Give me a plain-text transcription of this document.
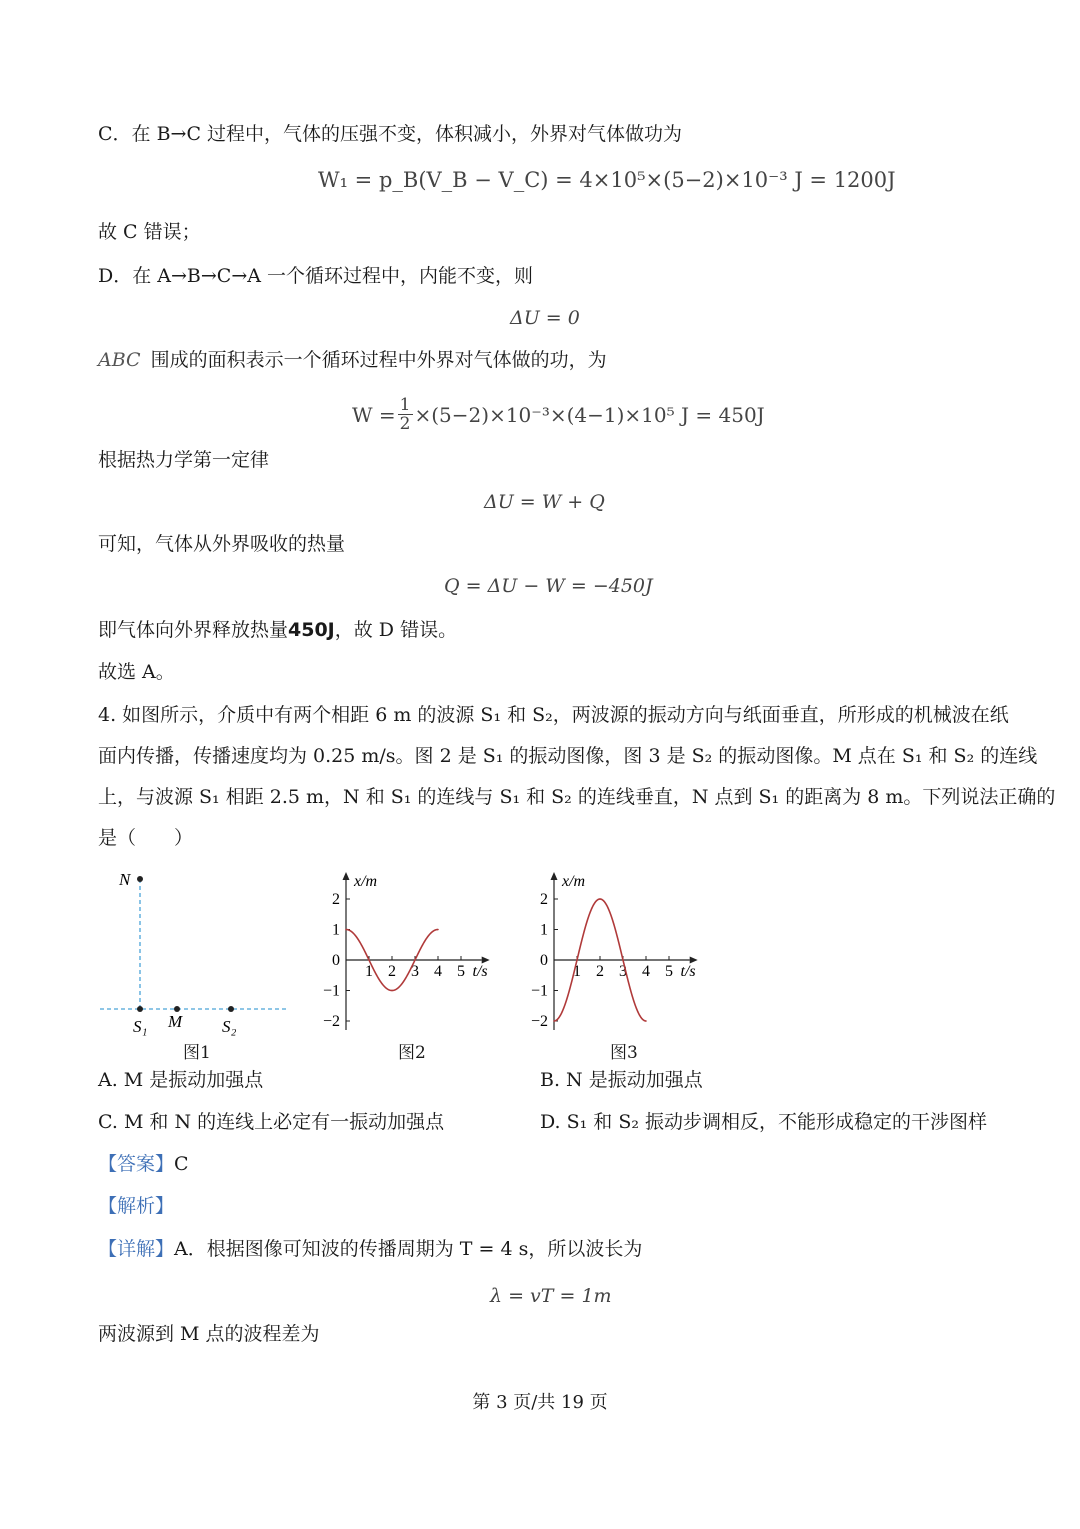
C．在 B→C 过程中，气体的压强不变，体积减小，外界对气体做功为
W₁ = p_B(V_B − V_C) = 4×10⁵×(5−2)×10⁻³ J = 1200J
故 C 错误；
D．在 A→B→C→A 一个循环过程中，内能不变，则
ΔU = 0
ABC 围成的面积表示一个循环过程中外界对气体做的功，为
$W = \frac{1}{2} \times(5-2)\times 10^{-3}\times(4-1)\times 10^5$ J = 450J
根据热力学第一定律
ΔU = W + Q
可知，气体从外界吸收的热量
Q = ΔU − W = −450J
即气体向外界释放热量450J，故 D 错误。
故选 A。
4. 如图所示，介质中有两个相距 6 m 的波源 S₁ 和 S₂，两波源的振动方向与纸面垂直，所形成的机械波在纸
面内传播，传播速度均为 0.25 m/s。图 2 是 S₁ 的振动图像，图 3 是 S₂ 的振动图像。M 点在 S₁ 和 S₂ 的连线
上，与波源 S₁ 相距 2.5 m，N 和 S₁ 的连线与 S₁ 和 S₂ 的连线垂直，N 点到 S₁ 的距离为 8 m。下列说法正确的
是（　　）
N
S₁ M S₂
图1
x/m
t/s
2
1
0
−1
−2
1 2 3 4 5
图2
x/m
t/s
2
1
0
−1
−2
1 2 3 4 5
图3
A. M 是振动加强点	B. N 是振动加强点
C. M 和 N 的连线上必定有一振动加强点	D. S₁ 和 S₂ 振动步调相反，不能形成稳定的干涉图样
【答案】C
【解析】
【详解】A．根据图像可知波的传播周期为 T = 4 s，所以波长为
λ = vT = 1m
两波源到 M 点的波程差为
第 3 页/共 19 页
